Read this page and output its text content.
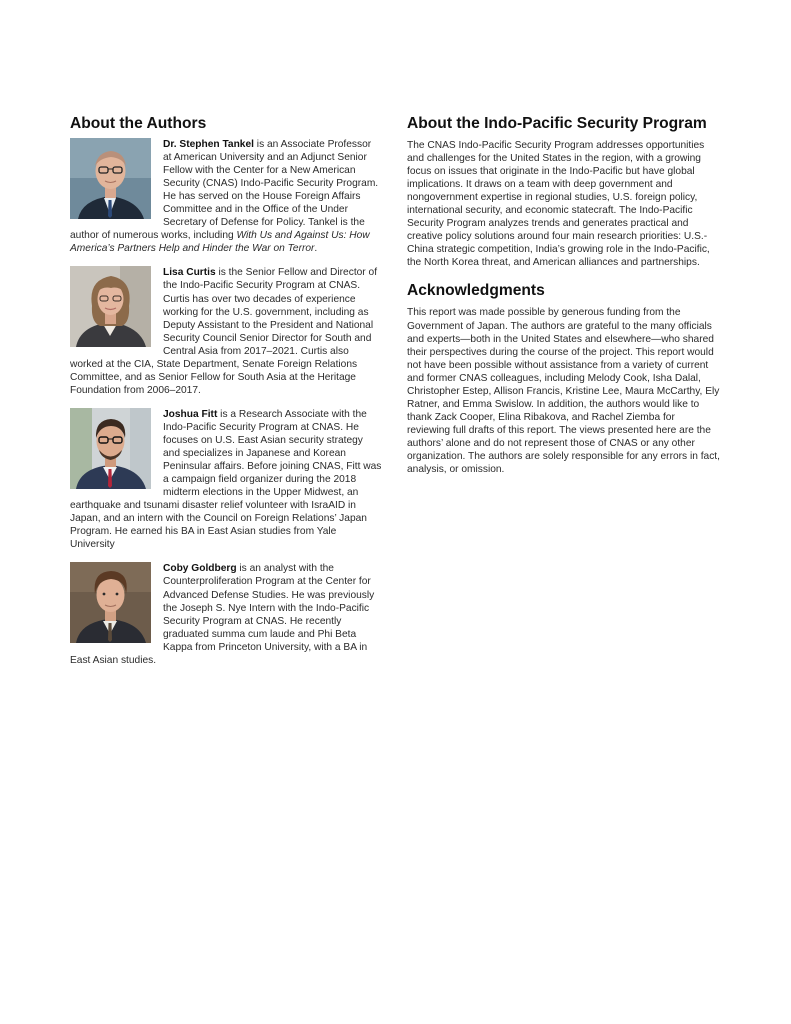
About the Authors

Dr. Stephen Tankel is an Associate Professor at American University and an Adjunct Senior Fellow with the Center for a New American Security (CNAS) Indo-Pacific Security Program. He has served on the House Foreign Affairs Committee and in the Office of the Under Secretary of Defense for Policy. Tankel is the author of numerous works, including With Us and Against Us: How America’s Partners Help and Hinder the War on Terror.

Lisa Curtis is the Senior Fellow and Director of the Indo-Pacific Security Program at CNAS. Curtis has over two decades of experience working for the U.S. government, including as Deputy Assistant to the President and National Security Council Senior Director for South and Central Asia from 2017–2021. Curtis also worked at the CIA, State Department, Senate Foreign Relations Committee, and as Senior Fellow for South Asia at the Heritage Foundation from 2006–2017.

Joshua Fitt is a Research Associate with the Indo-Pacific Security Program at CNAS. He focuses on U.S. East Asian security strategy and specializes in Japanese and Korean Peninsular affairs. Before joining CNAS, Fitt was a campaign field organizer during the 2018 midterm elections in the Upper Midwest, an earthquake and tsunami disaster relief volunteer with IsraAID in Japan, and an intern with the Council on Foreign Relations’ Japan Program. He earned his BA in East Asian studies from Yale University

Coby Goldberg is an analyst with the Counterproliferation Program at the Center for Advanced Defense Studies. He was previously the Joseph S. Nye Intern with the Indo-Pacific Security Program at CNAS. He recently graduated summa cum laude and Phi Beta Kappa from Princeton University, with a BA in East Asian studies.

About the Indo-Pacific Security Program

The CNAS Indo-Pacific Security Program addresses opportunities and challenges for the United States in the region, with a growing focus on issues that originate in the Indo-Pacific but have global implications. It draws on a team with deep government and nongovernment expertise in regional studies, U.S. foreign policy, international security, and economic statecraft. The Indo-Pacific Security Program analyzes trends and generates practical and creative policy solutions around four main research priorities: U.S.-China strategic competition, India’s growing role in the Indo-Pacific, the North Korea threat, and American alliances and partnerships.

Acknowledgments

This report was made possible by generous funding from the Government of Japan. The authors are grateful to the many officials and experts—both in the United States and elsewhere—who shared their perspectives during the course of the project. This report would not have been possible without assistance from a variety of current and former CNAS colleagues, including Melody Cook, Isha Dalal, Christopher Estep, Allison Francis, Kristine Lee, Maura McCarthy, Ely Ratner, and Emma Swislow. In addition, the authors would like to thank Zack Cooper, Elina Ribakova, and Rachel Ziemba for reviewing full drafts of this report. The views presented here are the authors’ alone and do not represent those of CNAS or any other organization. The authors are solely responsible for any errors in fact, analysis, or omission.
